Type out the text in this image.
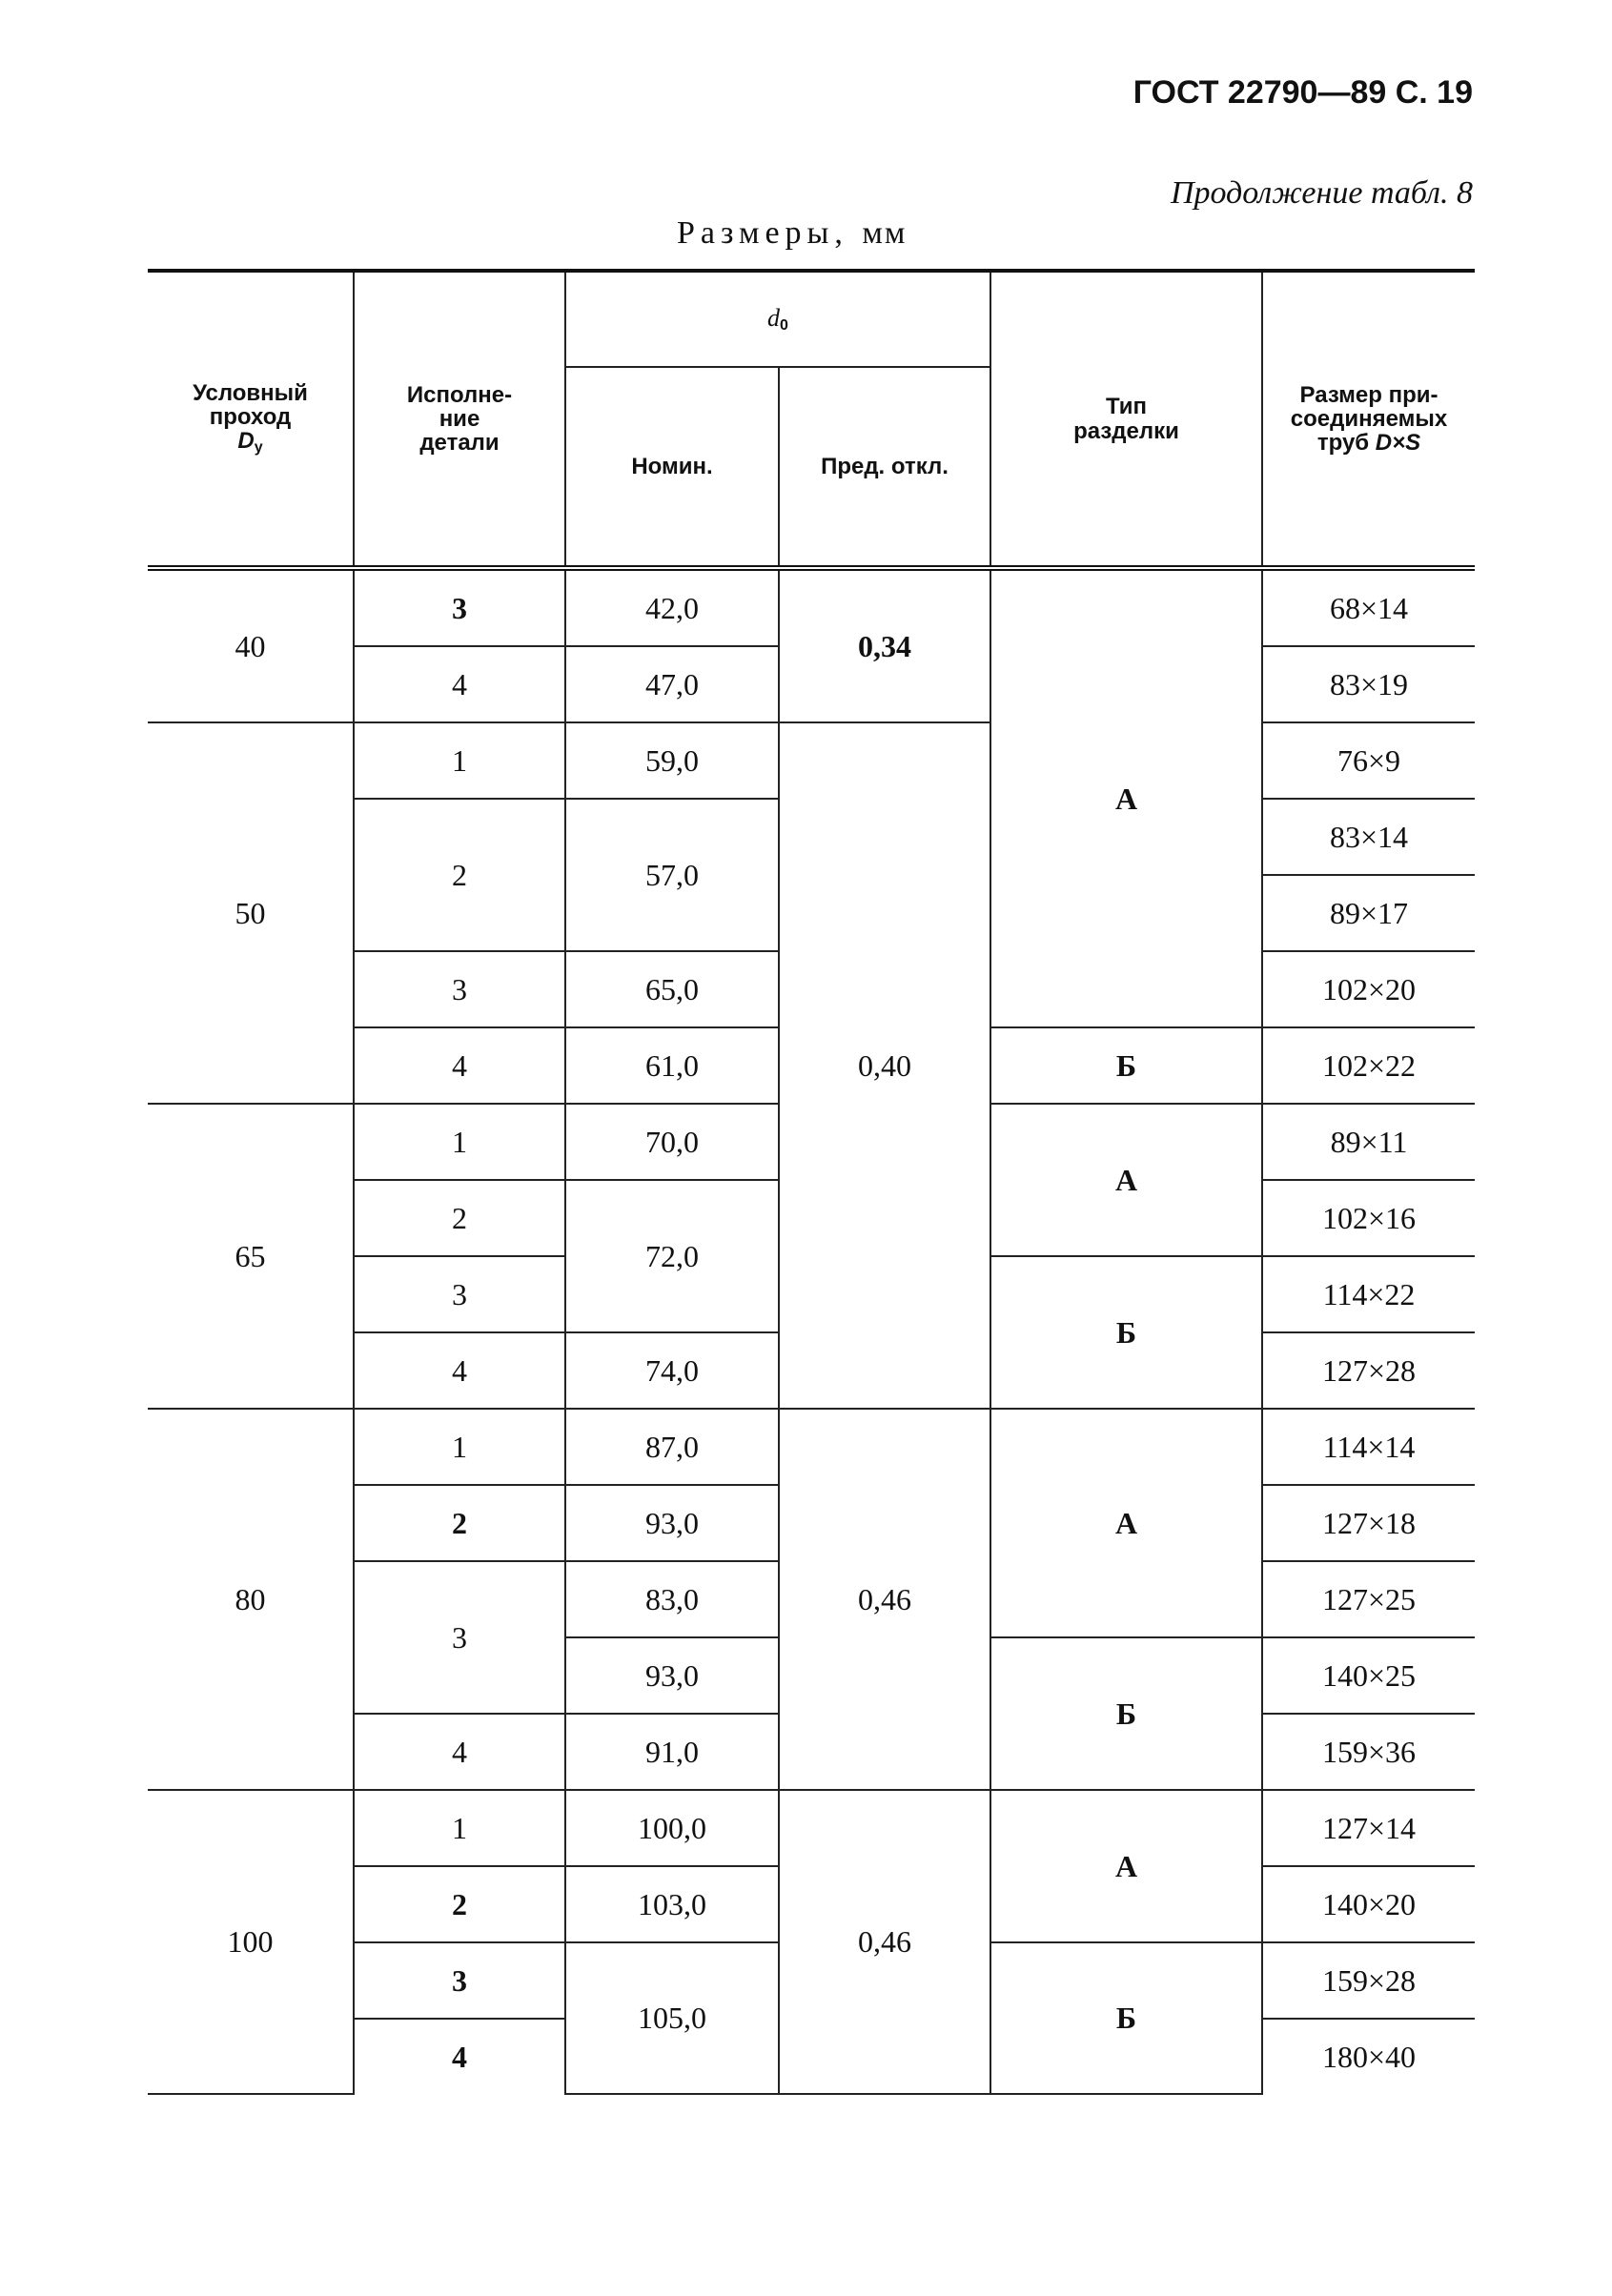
ГОСТ 22790—89 С. 19
Продолжение табл. 8
Размеры, мм
Условный
проход
$D_у$	Исполне-
ние
детали	$d_0$		Тип
разделки	Размер при-
соединяемых
труб D×S
		Номин.	Пред. откл.		
40	3	42,0	0,34	А	68×14
	4	47,0			83×19
50	1	59,0	0,40		76×9
	2	57,0			83×14
					89×17
	3	65,0			102×20
	4	61,0		Б	102×22
65	1	70,0		А	89×11
	2	72,0			102×16
	3			Б	114×22
	4	74,0			127×28
80	1	87,0	0,46	А	114×14
	2	93,0			127×18
	3	83,0			127×25
		93,0		Б	140×25
	4	91,0			159×36
100	1	100,0	0,46	А	127×14
	2	103,0			140×20
	3	105,0		Б	159×28
	4				180×40
